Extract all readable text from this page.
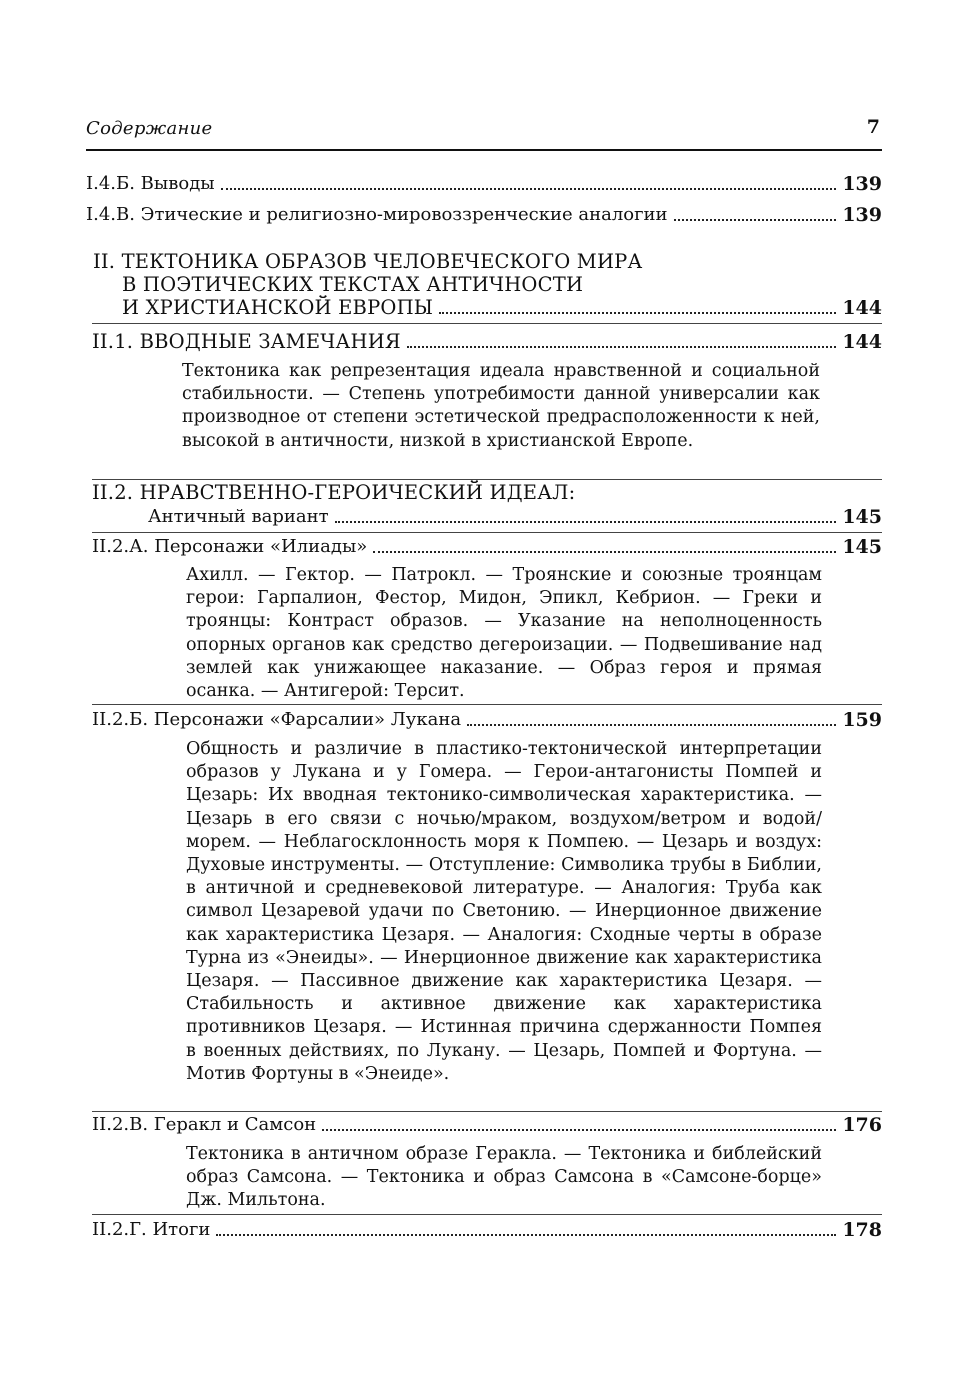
Содержание	7
I.4.Б. Выводы	139
I.4.В. Этические и религиозно-мировоззренческие аналогии	139
II. ТЕКТОНИКА ОБРАЗОВ ЧЕЛОВЕЧЕСКОГО МИРА
В ПОЭТИЧЕСКИХ ТЕКСТАХ АНТИЧНОСТИ
И ХРИСТИАНСКОЙ ЕВРОПЫ	144
II.1. ВВОДНЫЕ ЗАМЕЧАНИЯ	144
Тектоника как репрезентация идеала нравственной и социальной стабильности. — Степень употребимости данной универсалии как производное от степени эстетической предрасположенности к ней, высокой в античности, низкой в христианской Европе.
II.2. НРАВСТВЕННО-ГЕРОИЧЕСКИЙ ИДЕАЛ:
Античный вариант	145
II.2.А. Персонажи «Илиады»	145
Ахилл. — Гектор. — Патрокл. — Троянские и союзные троянцам герои: Гарпалион, Фестор, Мидон, Эпикл, Кебрион. — Греки и троянцы: Контраст образов. — Указание на неполноценность опорных органов как средство дегероизации. — Подвешивание над землей как унижающее наказание. — Образ героя и прямая осанка. — Антигерой: Терсит.
II.2.Б. Персонажи «Фарсалии» Лукана	159
Общность и различие в пластико-тектонической интерпретации образов у Лукана и у Гомера. — Герои-антагонисты Помпей и Цезарь: Их вводная тектонико-символическая характеристика. — Цезарь в его связи с ночью/мраком, воздухом/ветром и водой/морем. — Неблагосклонность моря к Помпею. — Цезарь и воздух: Духовые инструменты. — Отступление: Символика трубы в Библии, в античной и средневековой литературе. — Аналогия: Труба как символ Цезаревой удачи по Светонию. — Инерционное движение как характеристика Цезаря. — Аналогия: Сходные черты в образе Турна из «Энеиды». — Инерционное движение как характеристика Цезаря. — Пассивное движение как характеристика Цезаря. — Стабильность и активное движение как характеристика противников Цезаря. — Истинная причина сдержанности Помпея в военных действиях, по Лукану. — Цезарь, Помпей и Фортуна. — Мотив Фортуны в «Энеиде».
II.2.В. Геракл и Самсон	176
Тектоника в античном образе Геракла. — Тектоника и библейский образ Самсона. — Тектоника и образ Самсона в «Самсоне-борце» Дж. Мильтона.
II.2.Г. Итоги	178
